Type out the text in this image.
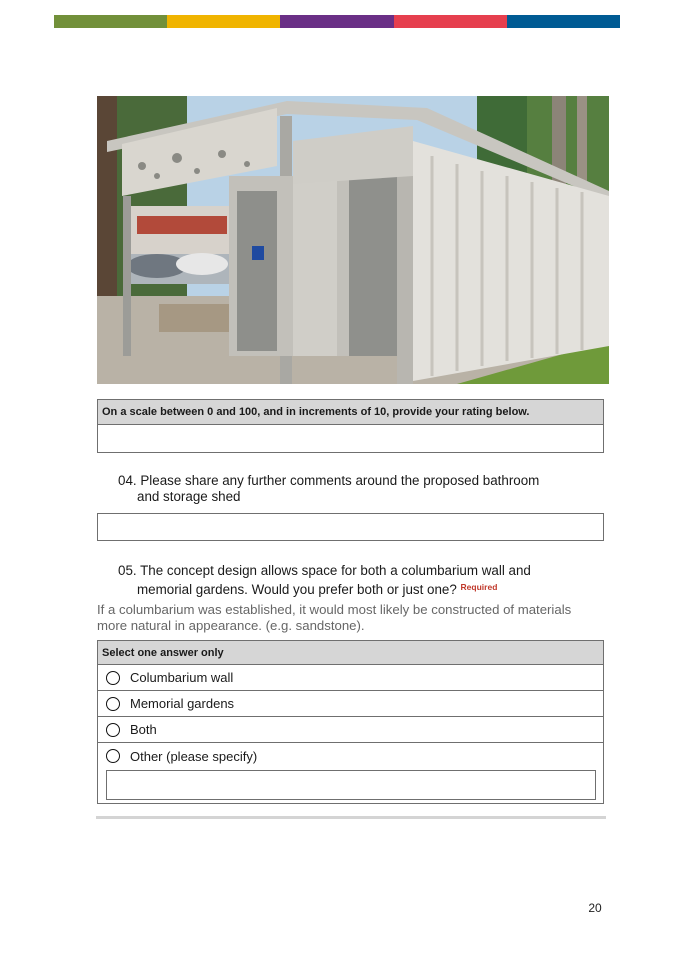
On a scale between 0 and 100, and in increments of 10, provide your rating below.
04. Please share any further comments around the proposed bathroom
and storage shed
05. The concept design allows space for both a columbarium wall and
memorial gardens. Would you prefer both or just one? $^{Required}$
If a columbarium was established, it would most likely be constructed of materials more natural in appearance. (e.g. sandstone).
Select one answer only
Columbarium wall
Memorial gardens
Both
Other (please specify)
20
